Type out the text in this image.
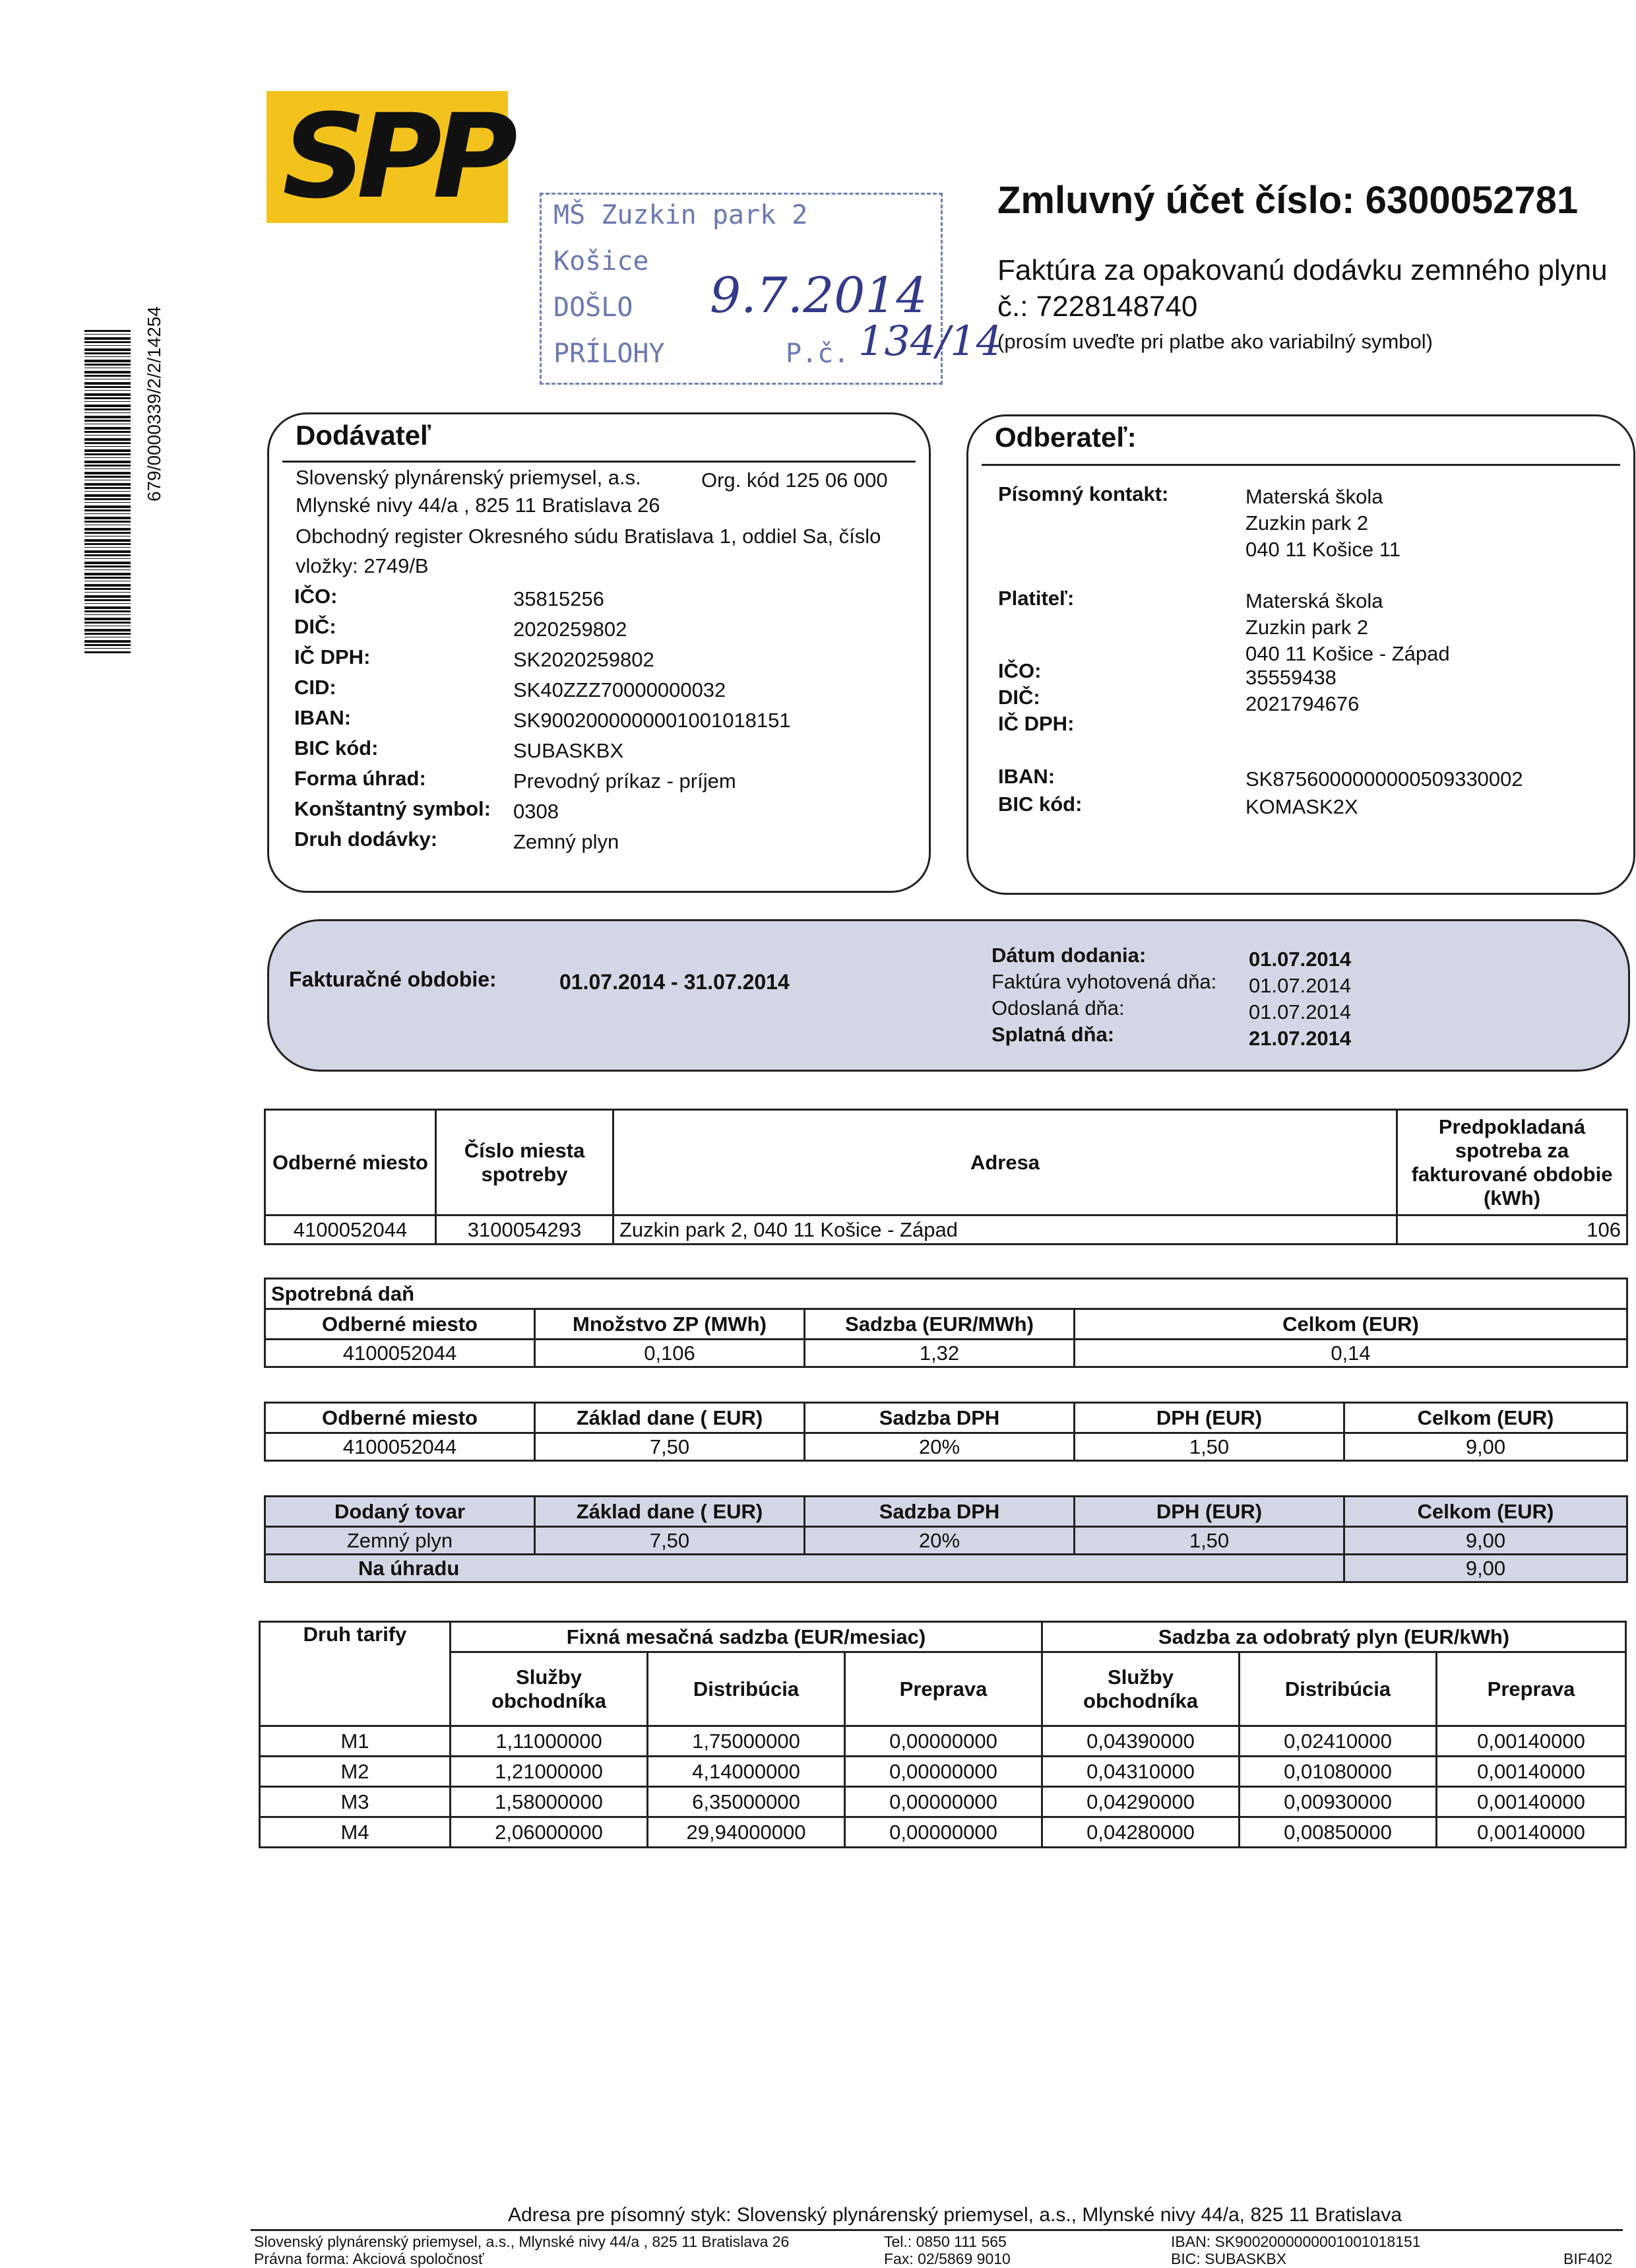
SPP MŠ Zuzkin park 2
Košice
DOŠLO
PRÍLOHY	P.č.
9.7.2014
134/14
679/0000339/2/2/14254
Zmluvný účet číslo: 6300052781
Faktúra za opakovanú dodávku zemného plynu
č.: 7228148740
(prosím uveďte pri platbe ako variabilný symbol)
Dodávateľ
Slovenský plynárenský priemysel, a.s.	Org. kód 125 06 000
Mlynské nivy 44/a , 825 11 Bratislava 26
Obchodný register Okresného súdu Bratislava 1, oddiel Sa, číslo
vložky: 2749/B
IČO:	35815256
DIČ:	2020259802
IČ DPH:	SK2020259802
CID:	SK40ZZZ70000000032
IBAN:	SK9002000000001001018151
BIC kód:	SUBASKBX
Forma úhrad:	Prevodný príkaz - príjem
Konštantný symbol: 0308
Druh dodávky:	Zemný plyn
Odberateľ:
Písomný kontakt:	Materská škola
Zuzkin park 2
040 11 Košice 11
Platiteľ:	Materská škola
Zuzkin park 2
040 11 Košice - Západ
IČO:	35559438
DIČ:	2021794676
IČ DPH:
IBAN:	SK8756000000000509330002
BIC kód:	KOMASK2X
Fakturačné obdobie:	01.07.2014 - 31.07.2014
Dátum dodania:	01.07.2014
Faktúra vyhotovená dňa: 01.07.2014
Odoslaná dňa:	01.07.2014
Splatná dňa:	21.07.2014
Odberné miesto	Číslo miesta spotreby	Adresa	Predpokladaná spotreba za fakturované obdobie (kWh)
4100052044	3100054293	Zuzkin park 2, 040 11 Košice - Západ	106
Spotrebná daň			
Odberné miesto	Množstvo ZP (MWh)	Sadzba (EUR/MWh)	Celkom (EUR)
4100052044	0,106	1,32	0,14
Odberné miesto	Základ dane ( EUR)	Sadzba DPH	DPH (EUR)	Celkom (EUR)
4100052044	7,50	20%	1,50	9,00
Dodaný tovar	Základ dane ( EUR)	Sadzba DPH	DPH (EUR)	Celkom (EUR)
Zemný plyn	7,50	20%	1,50	9,00
Na úhradu				9,00
Druh tarify	Fixná mesačná sadzba (EUR/mesiac)			Sadzba za odobratý plyn (EUR/kWh)		
	Služby obchodníka	Distribúcia	Preprava	Služby obchodníka	Distribúcia	Preprava
M1	1,11000000	1,75000000	0,00000000	0,04390000	0,02410000	0,00140000
M2	1,21000000	4,14000000	0,00000000	0,04310000	0,01080000	0,00140000
M3	1,58000000	6,35000000	0,00000000	0,04290000	0,00930000	0,00140000
M4	2,06000000	29,94000000	0,00000000	0,04280000	0,00850000	0,00140000
Adresa pre písomný styk: Slovenský plynárenský priemysel, a.s., Mlynské nivy 44/a, 825 11 Bratislava
Slovenský plynárenský priemysel, a.s., Mlynské nivy 44/a , 825 11 Bratislava 26
Právna forma: Akciová spoločnosť
Tel.: 0850 111 565
Fax: 02/5869 9010
IBAN: SK9002000000001001018151
BIC: SUBASKBX	BIF402
